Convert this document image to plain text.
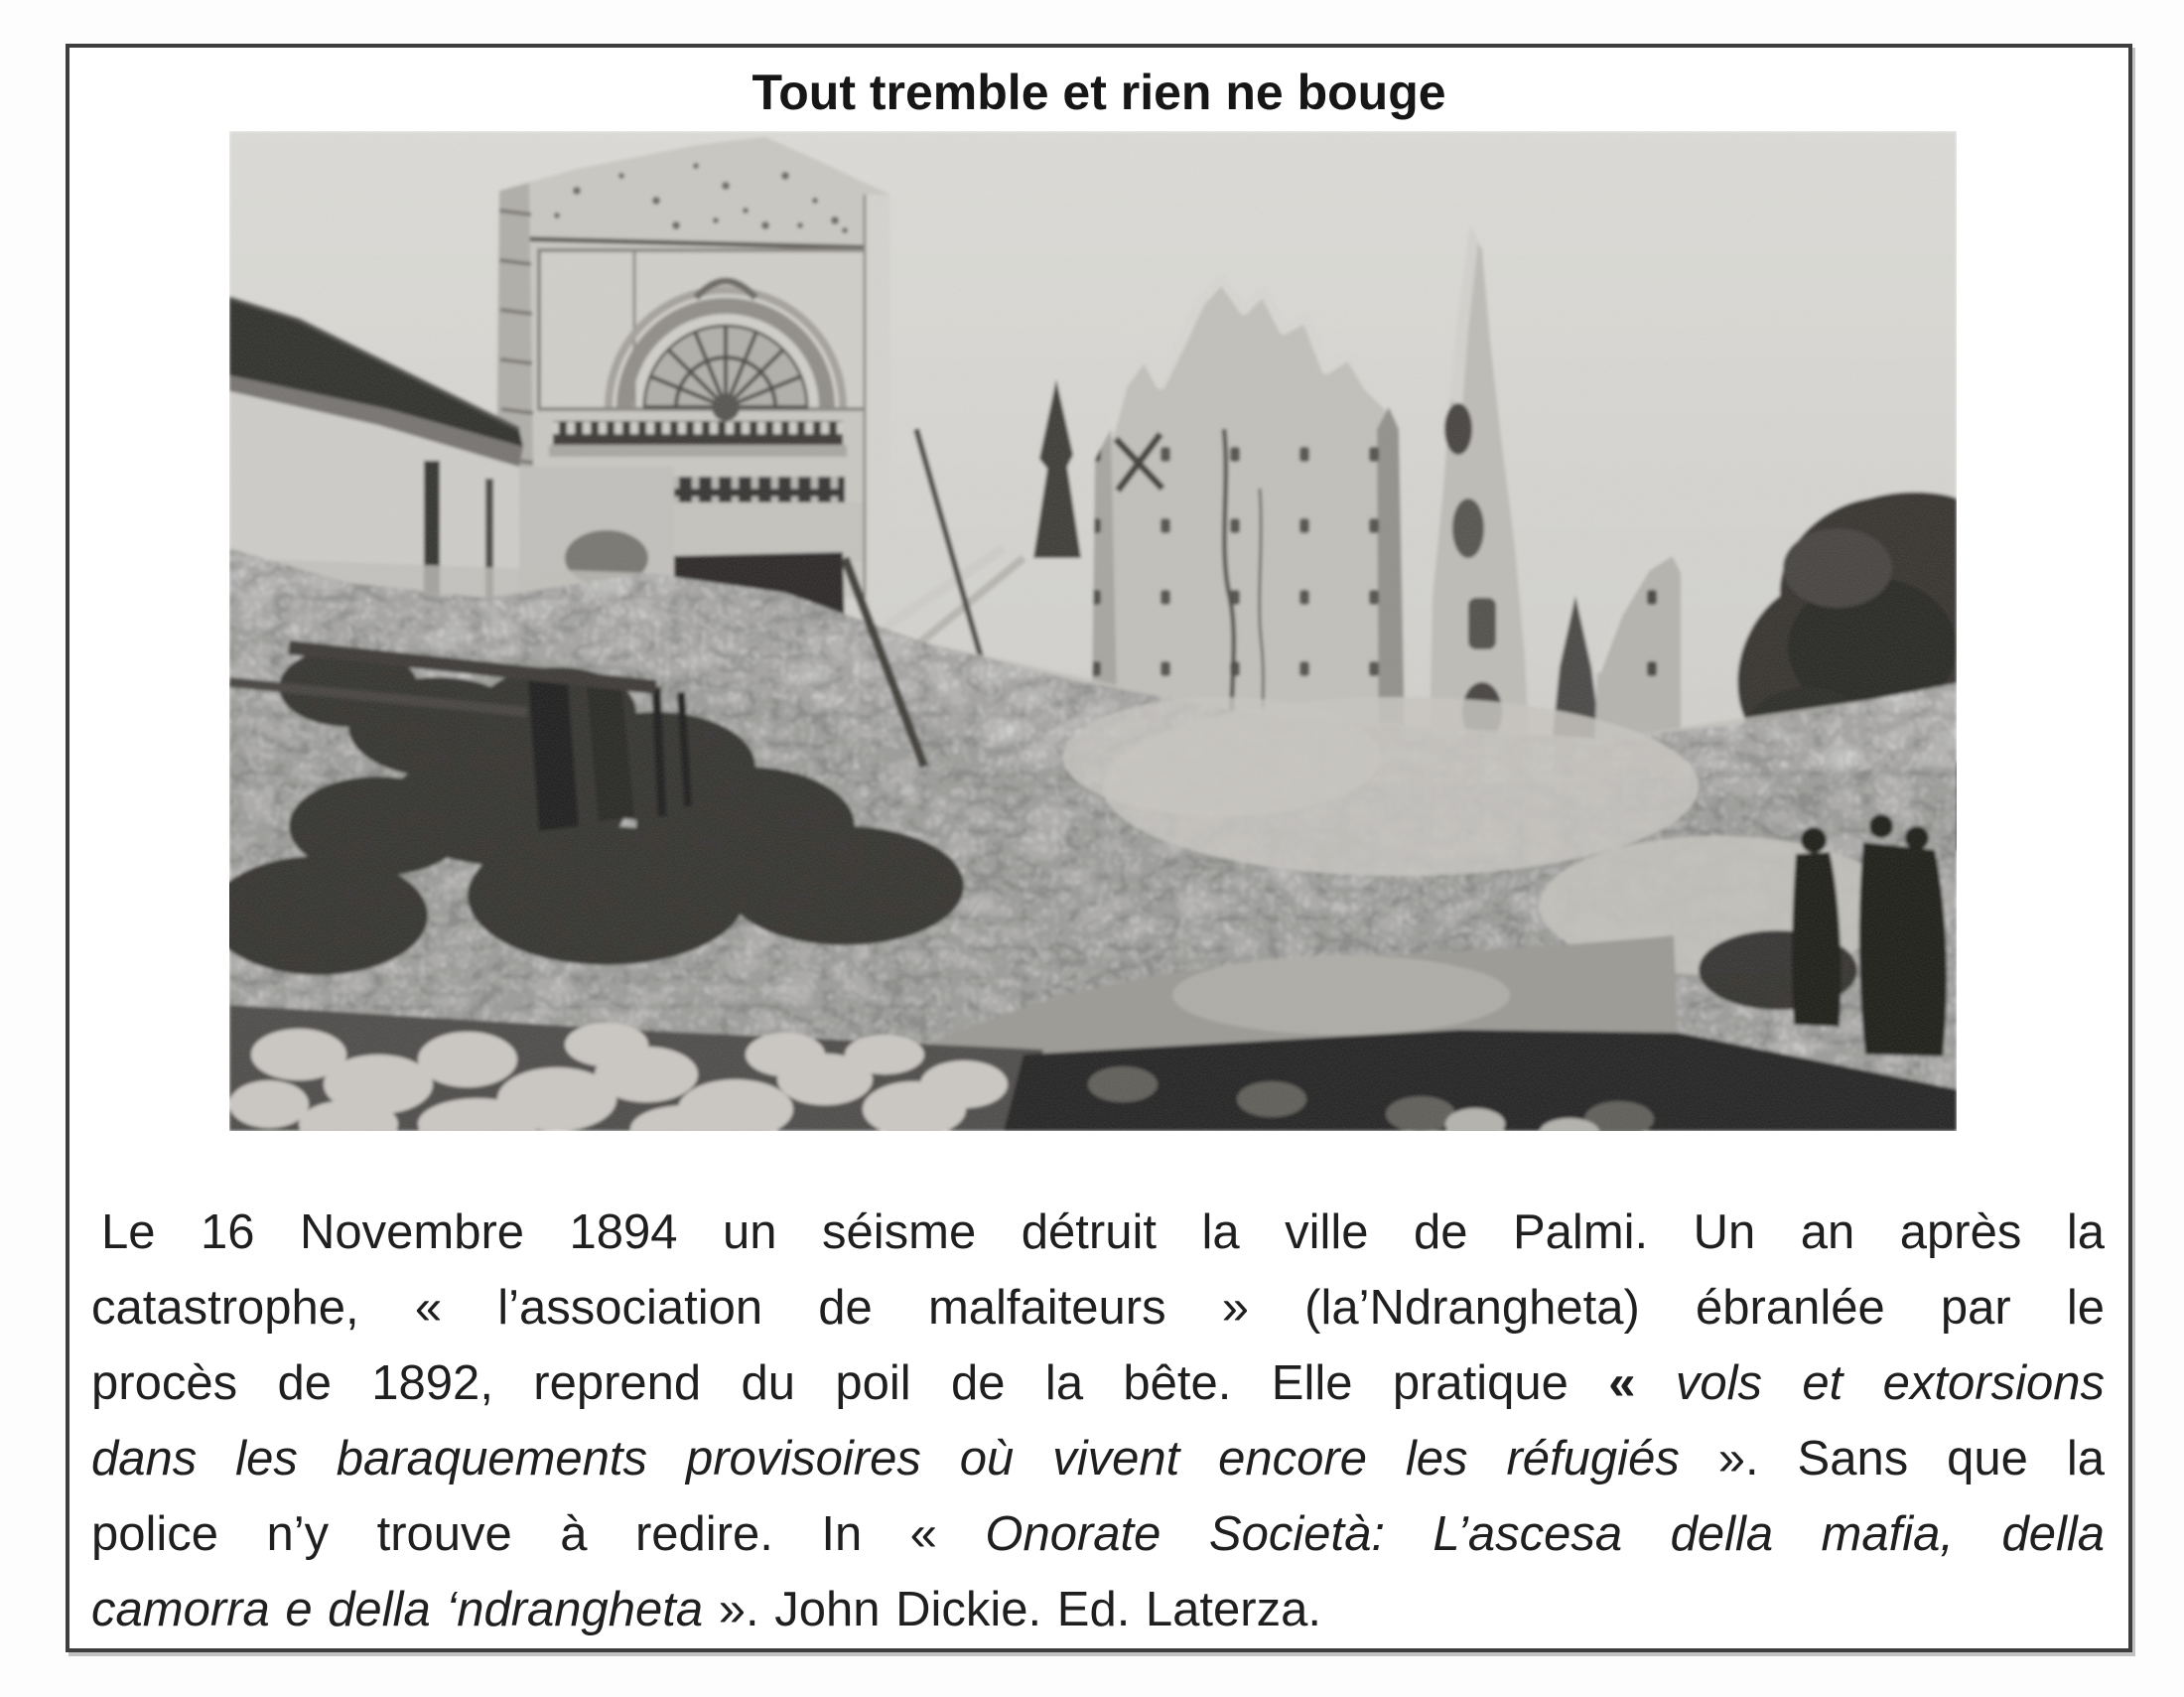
Tout tremble et rien ne bouge

Le 16 Novembre 1894 un séisme détruit la ville de Palmi. Un an après la

catastrophe, « l’association de malfaiteurs » (la’Ndrangheta) ébranlée par le

procès de 1892, reprend du poil de la bête. Elle pratique « vols et extorsions

dans les baraquements provisoires où vivent encore les réfugiés ». Sans que la

police n’y trouve à redire. In « Onorate Società: L’ascesa della mafia, della

camorra e della ‘ndrangheta ». John Dickie. Ed. Laterza.
